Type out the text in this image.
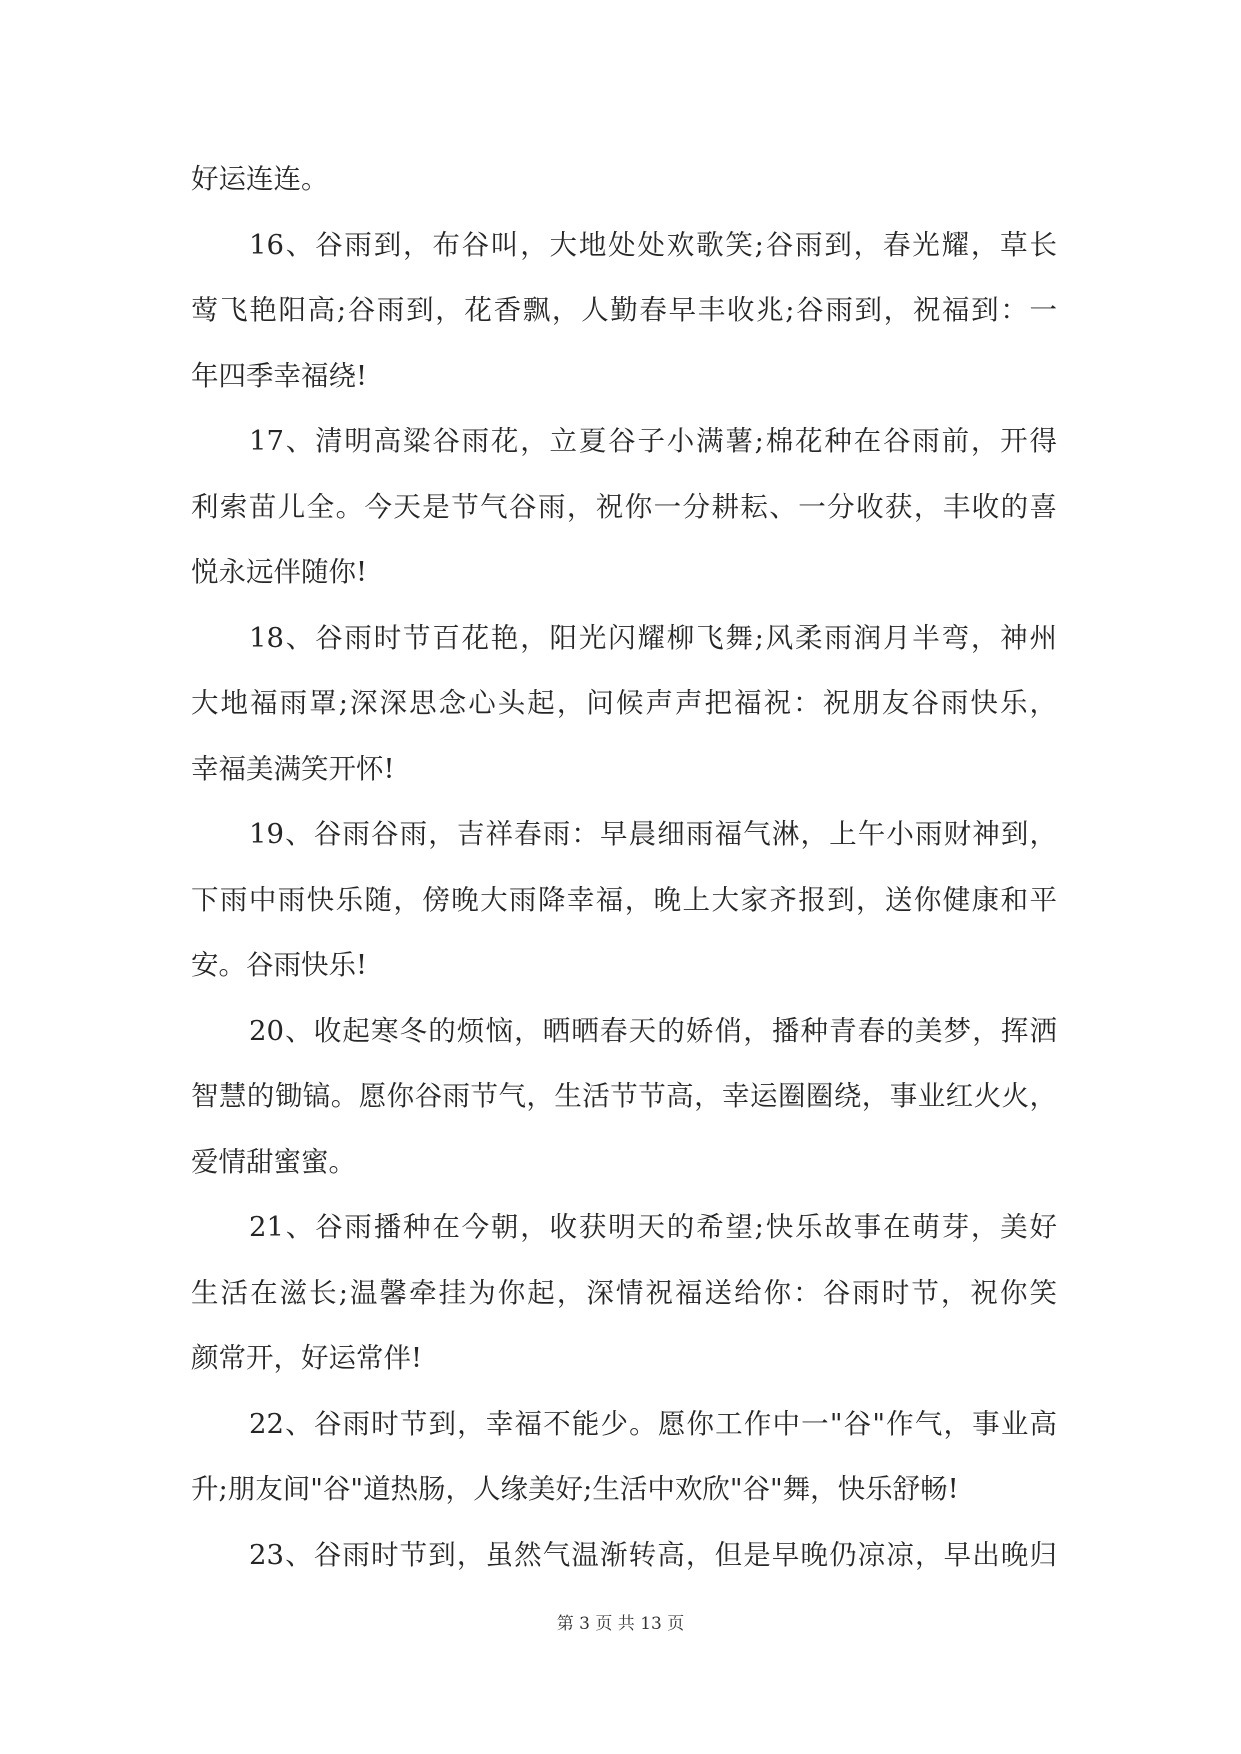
好运连连。
16、谷雨到，布谷叫，大地处处欢歌笑;谷雨到，春光耀，草长
莺飞艳阳高;谷雨到，花香飘，人勤春早丰收兆;谷雨到，祝福到：一
年四季幸福绕!
17、清明高粱谷雨花，立夏谷子小满薯;棉花种在谷雨前，开得
利索苗儿全。今天是节气谷雨，祝你一分耕耘、一分收获，丰收的喜
悦永远伴随你!
18、谷雨时节百花艳，阳光闪耀柳飞舞;风柔雨润月半弯，神州
大地福雨罩;深深思念心头起，问候声声把福祝：祝朋友谷雨快乐，
幸福美满笑开怀!
19、谷雨谷雨，吉祥春雨：早晨细雨福气淋，上午小雨财神到，
下雨中雨快乐随，傍晚大雨降幸福，晚上大家齐报到，送你健康和平
安。谷雨快乐!
20、收起寒冬的烦恼，晒晒春天的娇俏，播种青春的美梦，挥洒
智慧的锄镐。愿你谷雨节气，生活节节高，幸运圈圈绕，事业红火火，
爱情甜蜜蜜。
21、谷雨播种在今朝，收获明天的希望;快乐故事在萌芽，美好
生活在滋长;温馨牵挂为你起，深情祝福送给你：谷雨时节，祝你笑
颜常开，好运常伴!
22、谷雨时节到，幸福不能少。愿你工作中一"谷"作气，事业高
升;朋友间"谷"道热肠，人缘美好;生活中欢欣"谷"舞，快乐舒畅!
23、谷雨时节到，虽然气温渐转高，但是早晚仍凉凉，早出晚归
第 3 页 共 13 页
